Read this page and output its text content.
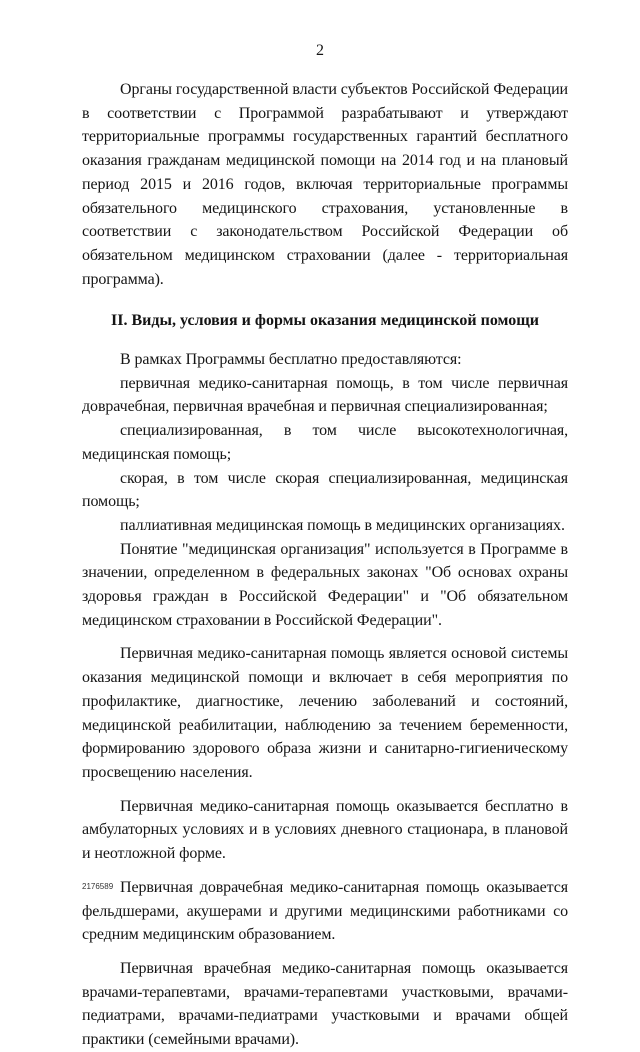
2

Органы государственной власти субъектов Российской Федерации в соответствии с Программой разрабатывают и утверждают территориальные программы государственных гарантий бесплатного оказания гражданам медицинской помощи на 2014 год и на плановый период 2015 и 2016 годов, включая территориальные программы обязательного медицинского страхования, установленные в соответствии с законодательством Российской Федерации об обязательном медицинском страховании (далее - территориальная программа).

II. Виды, условия и формы оказания медицинской помощи

В рамках Программы бесплатно предоставляются:

первичная медико-санитарная помощь, в том числе первичная доврачебная, первичная врачебная и первичная специализированная;

специализированная, в том числе высокотехнологичная, медицинская помощь;

скорая, в том числе скорая специализированная, медицинская помощь;

паллиативная медицинская помощь в медицинских организациях.

Понятие "медицинская организация" используется в Программе в значении, определенном в федеральных законах "Об основах охраны здоровья граждан в Российской Федерации" и "Об обязательном медицинском страховании в Российской Федерации".

Первичная медико-санитарная помощь является основой системы оказания медицинской помощи и включает в себя мероприятия по профилактике, диагностике, лечению заболеваний и состояний, медицинской реабилитации, наблюдению за течением беременности, формированию здорового образа жизни и санитарно-гигиеническому просвещению населения.

Первичная медико-санитарная помощь оказывается бесплатно в амбулаторных условиях и в условиях дневного стационара, в плановой и неотложной форме.

Первичная доврачебная медико-санитарная помощь оказывается фельдшерами, акушерами и другими медицинскими работниками со средним медицинским образованием.

Первичная врачебная медико-санитарная помощь оказывается врачами-терапевтами, врачами-терапевтами участковыми, врачами-педиатрами, врачами-педиатрами участковыми и врачами общей практики (семейными врачами).

2176589
